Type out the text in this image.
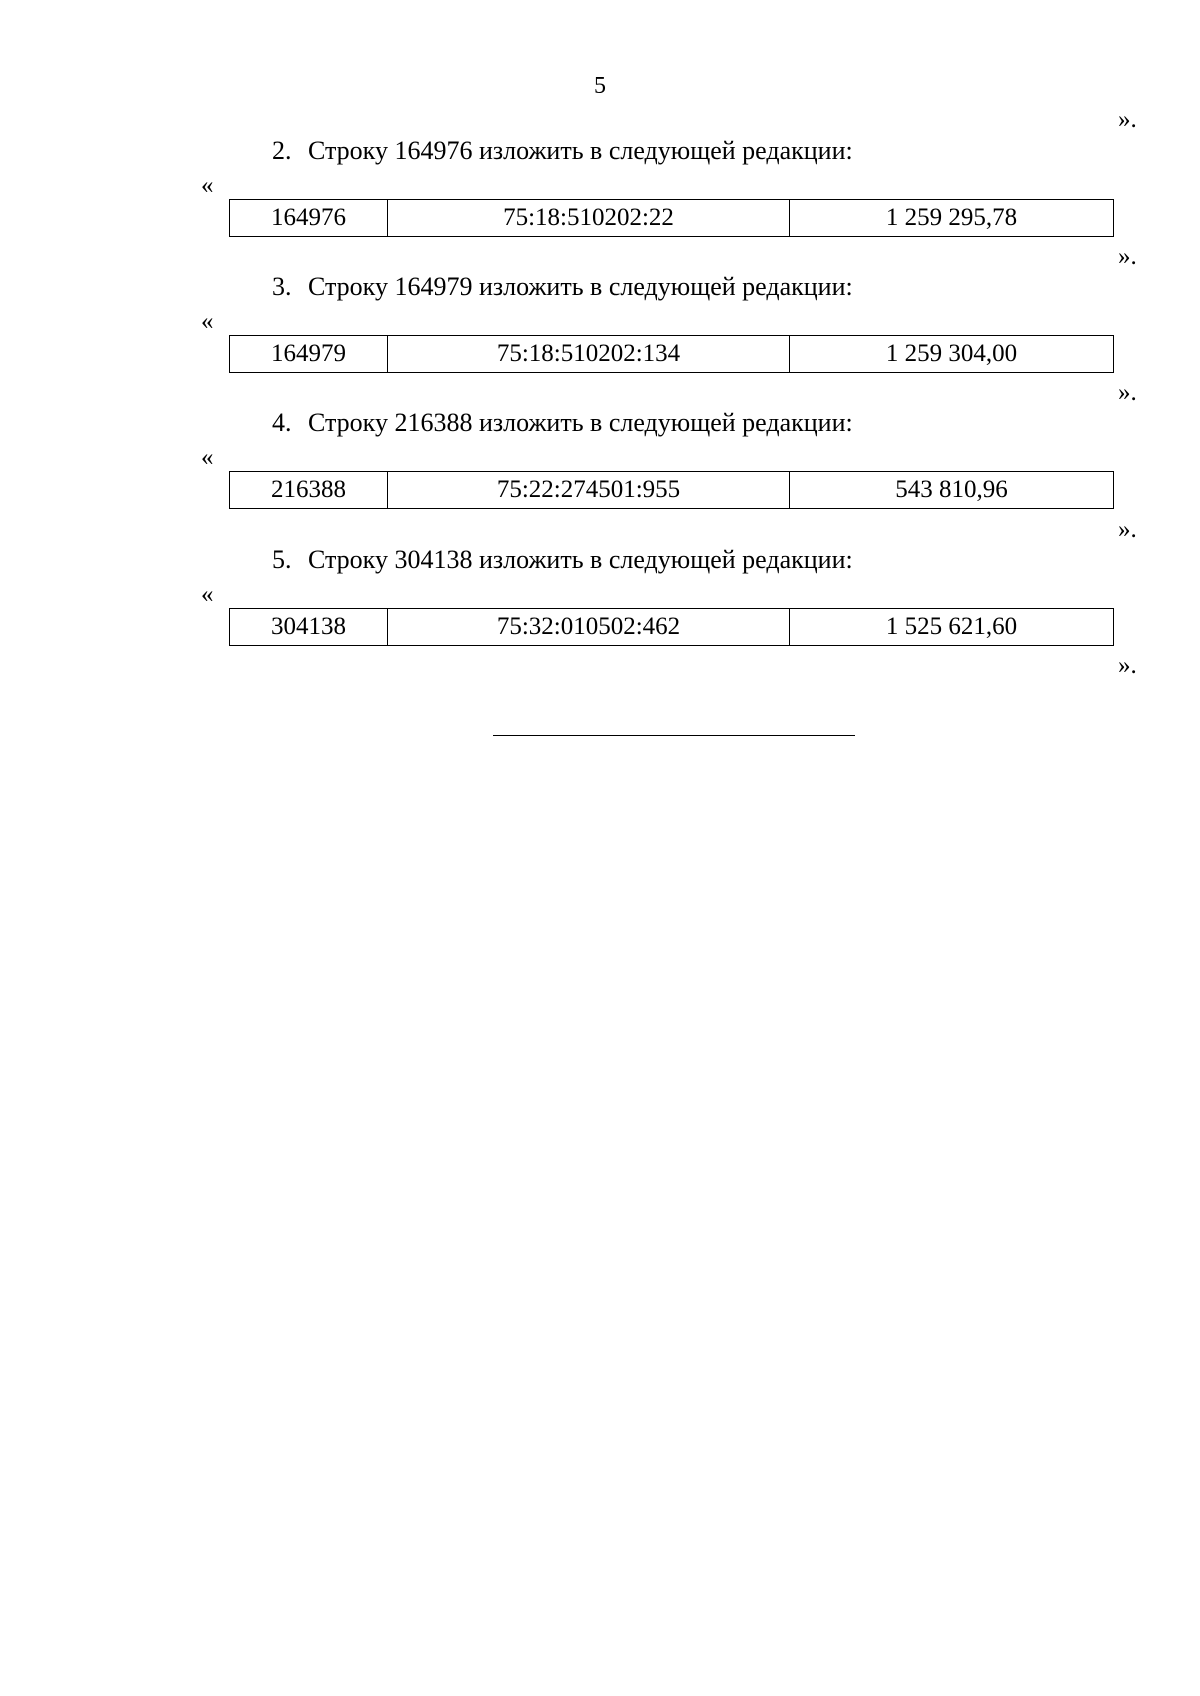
5
».
2. Строку 164976 изложить в следующей редакции:
«
164976	75:18:510202:22	1 259 295,78
».
3. Строку 164979 изложить в следующей редакции:
«
164979	75:18:510202:134	1 259 304,00
».
4. Строку 216388 изложить в следующей редакции:
«
216388	75:22:274501:955	543 810,96
».
5. Строку 304138 изложить в следующей редакции:
«
304138	75:32:010502:462	1 525 621,60
».
